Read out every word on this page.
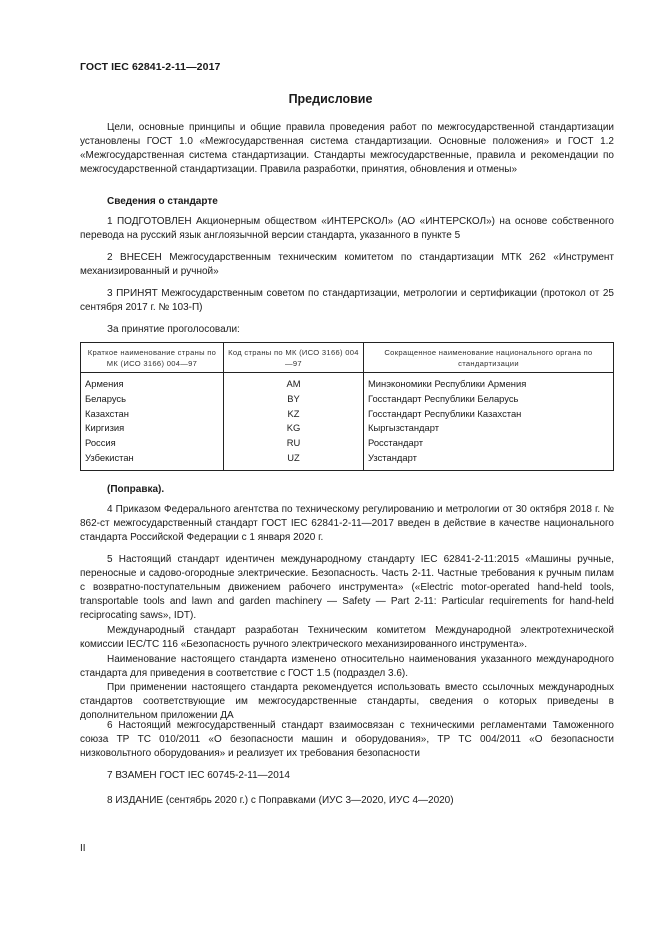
ГОСТ IEC 62841-2-11—2017
Предисловие

Цели, основные принципы и общие правила проведения работ по межгосударственной стандартизации установлены ГОСТ 1.0 «Межгосударственная система стандартизации. Основные положения» и ГОСТ 1.2 «Межгосударственная система стандартизации. Стандарты межгосударственные, правила и рекомендации по межгосударственной стандартизации. Правила разработки, принятия, обновления и отмены»

Сведения о стандарте

1 ПОДГОТОВЛЕН Акционерным обществом «ИНТЕРСКОЛ» (АО «ИНТЕРСКОЛ») на основе собственного перевода на русский язык англоязычной версии стандарта, указанного в пункте 5

2 ВНЕСЕН Межгосударственным техническим комитетом по стандартизации МТК 262 «Инструмент механизированный и ручной»

3 ПРИНЯТ Межгосударственным советом по стандартизации, метрологии и сертификации (протокол от 25 сентября 2017 г. № 103-П)

За принятие проголосовали:

Краткое наименование страны по МК (ИСО 3166) 004—97	Код страны по МК (ИСО 3166) 004—97	Сокращенное наименование национального органа по стандартизации
Армения	AM	Минэкономики Республики Армения
Беларусь	BY	Госстандарт Республики Беларусь
Казахстан	KZ	Госстандарт Республики Казахстан
Киргизия	KG	Кыргызстандарт
Россия	RU	Росстандарт
Узбекистан	UZ	Узстандарт
(Поправка).

4 Приказом Федерального агентства по техническому регулированию и метрологии от 30 октября 2018 г. № 862-ст межгосударственный стандарт ГОСТ IEC 62841-2-11—2017 введен в действие в качестве национального стандарта Российской Федерации с 1 января 2020 г.

5 Настоящий стандарт идентичен международному стандарту IEC 62841-2-11:2015 «Машины ручные, переносные и садово-огородные электрические. Безопасность. Часть 2-11. Частные требования к ручным пилам с возвратно-поступательным движением рабочего инструмента» («Electric motor-operated hand-held tools, transportable tools and lawn and garden machinery — Safety — Part 2-11: Particular requirements for hand-held reciprocating saws», IDT).

Международный стандарт разработан Техническим комитетом Международной электротехнической комиссии IEC/TC 116 «Безопасность ручного электрического механизированного инструмента».

Наименование настоящего стандарта изменено относительно наименования указанного международного стандарта для приведения в соответствие с ГОСТ 1.5 (подраздел 3.6).

При применении настоящего стандарта рекомендуется использовать вместо ссылочных международных стандартов соответствующие им межгосударственные стандарты, сведения о которых приведены в дополнительном приложении ДА

6 Настоящий межгосударственный стандарт взаимосвязан с техническими регламентами Таможенного союза ТР ТС 010/2011 «О безопасности машин и оборудования», ТР ТС 004/2011 «О безопасности низковольтного оборудования» и реализует их требования безопасности

7 ВЗАМЕН ГОСТ IEC 60745-2-11—2014

8 ИЗДАНИЕ (сентябрь 2020 г.) с Поправками (ИУС 3—2020, ИУС 4—2020)

II
